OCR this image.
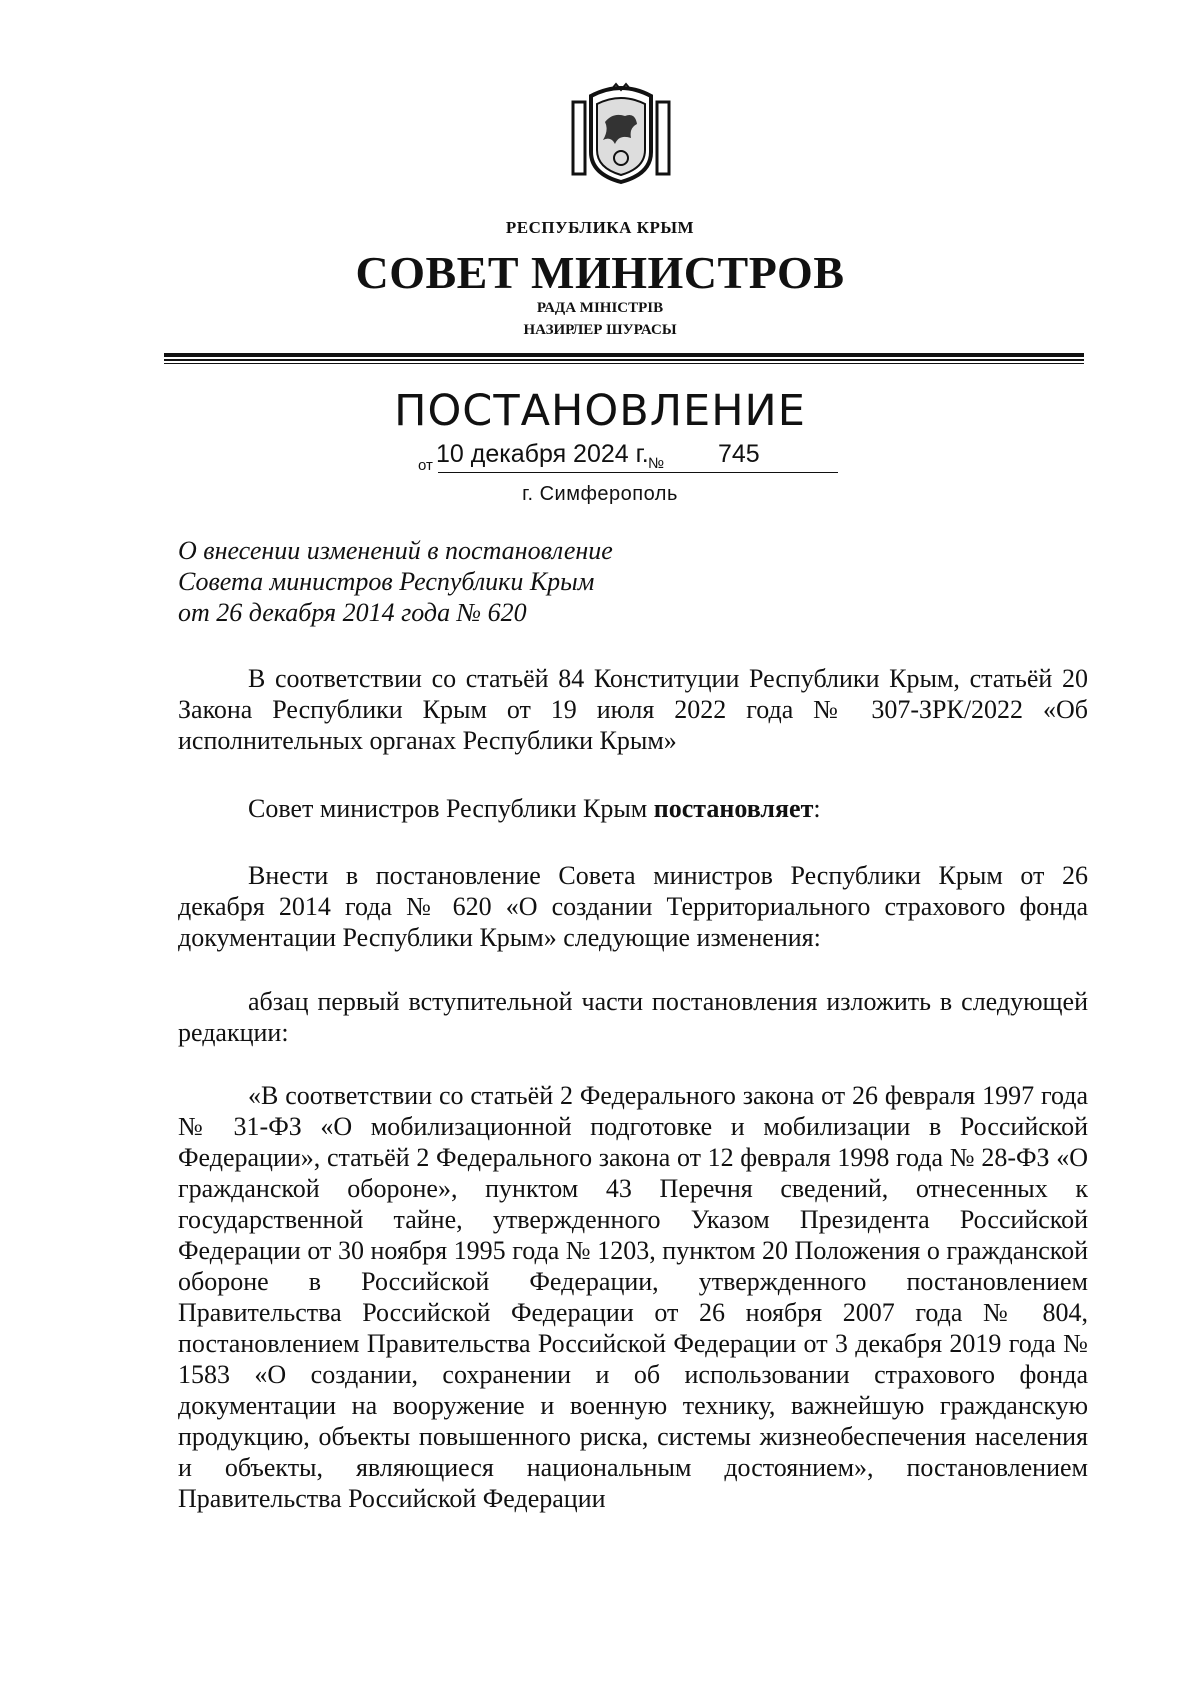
РЕСПУБЛИКА КРЫМ
СОВЕТ МИНИСТРОВ
РАДА МІНІСТРІВ
НАЗИРЛЕР ШУРАСЫ
ПОСТАНОВЛЕНИЕ
от 10 декабря 2024 г. № 745
г. Симферополь
О внесении изменений в постановление
Совета министров Республики Крым
от 26 декабря 2014 года № 620

В соответствии со статьёй 84 Конституции Республики Крым, статьёй 20 Закона Республики Крым от 19 июля 2022 года № 307-ЗРК/2022 «Об исполнительных органах Республики Крым»

Совет министров Республики Крым постановляет:

Внести в постановление Совета министров Республики Крым от 26 декабря 2014 года № 620 «О создании Территориального страхового фонда документации Республики Крым» следующие изменения:

абзац первый вступительной части постановления изложить в следующей редакции:

«В соответствии со статьёй 2 Федерального закона от 26 февраля 1997 года № 31-ФЗ «О мобилизационной подготовке и мобилизации в Российской Федерации», статьёй 2 Федерального закона от 12 февраля 1998 года № 28-ФЗ «О гражданской обороне», пунктом 43 Перечня сведений, отнесенных к государственной тайне, утвержденного Указом Президента Российской Федерации от 30 ноября 1995 года № 1203, пунктом 20 Положения о гражданской обороне в Российской Федерации, утвержденного постановлением Правительства Российской Федерации от 26 ноября 2007 года № 804, постановлением Правительства Российской Федерации от 3 декабря 2019 года № 1583 «О создании, сохранении и об использовании страхового фонда документации на вооружение и военную технику, важнейшую гражданскую продукцию, объекты повышенного риска, системы жизнеобеспечения населения и объекты, являющиеся национальным достоянием», постановлением Правительства Российской Федерации
